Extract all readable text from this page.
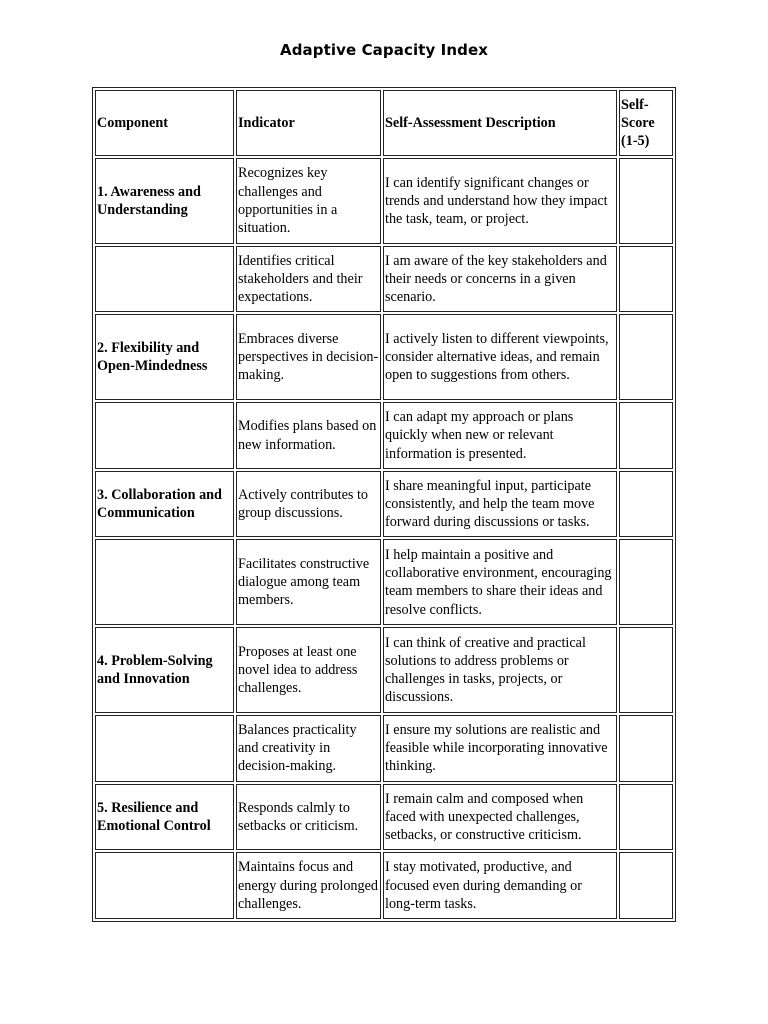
Adaptive Capacity Index
Component	Indicator	Self-Assessment Description	Self-Score (1-5)
1. Awareness and Understanding	Recognizes key challenges and opportunities in a situation.	I can identify significant changes or trends and understand how they impact the task, team, or project.	
	Identifies critical stakeholders and their expectations.	I am aware of the key stakeholders and their needs or concerns in a given scenario.	
2. Flexibility and Open-Mindedness	Embraces diverse perspectives in decision-making.	I actively listen to different viewpoints, consider alternative ideas, and remain open to suggestions from others.	
	Modifies plans based on new information.	I can adapt my approach or plans quickly when new or relevant information is presented.	
3. Collaboration and Communication	Actively contributes to group discussions.	I share meaningful input, participate consistently, and help the team move forward during discussions or tasks.	
	Facilitates constructive dialogue among team members.	I help maintain a positive and collaborative environment, encouraging team members to share their ideas and resolve conflicts.	
4. Problem-Solving and Innovation	Proposes at least one novel idea to address challenges.	I can think of creative and practical solutions to address problems or challenges in tasks, projects, or discussions.	
	Balances practicality and creativity in decision-making.	I ensure my solutions are realistic and feasible while incorporating innovative thinking.	
5. Resilience and Emotional Control	Responds calmly to setbacks or criticism.	I remain calm and composed when faced with unexpected challenges, setbacks, or constructive criticism.	
	Maintains focus and energy during prolonged challenges.	I stay motivated, productive, and focused even during demanding or long-term tasks.	
